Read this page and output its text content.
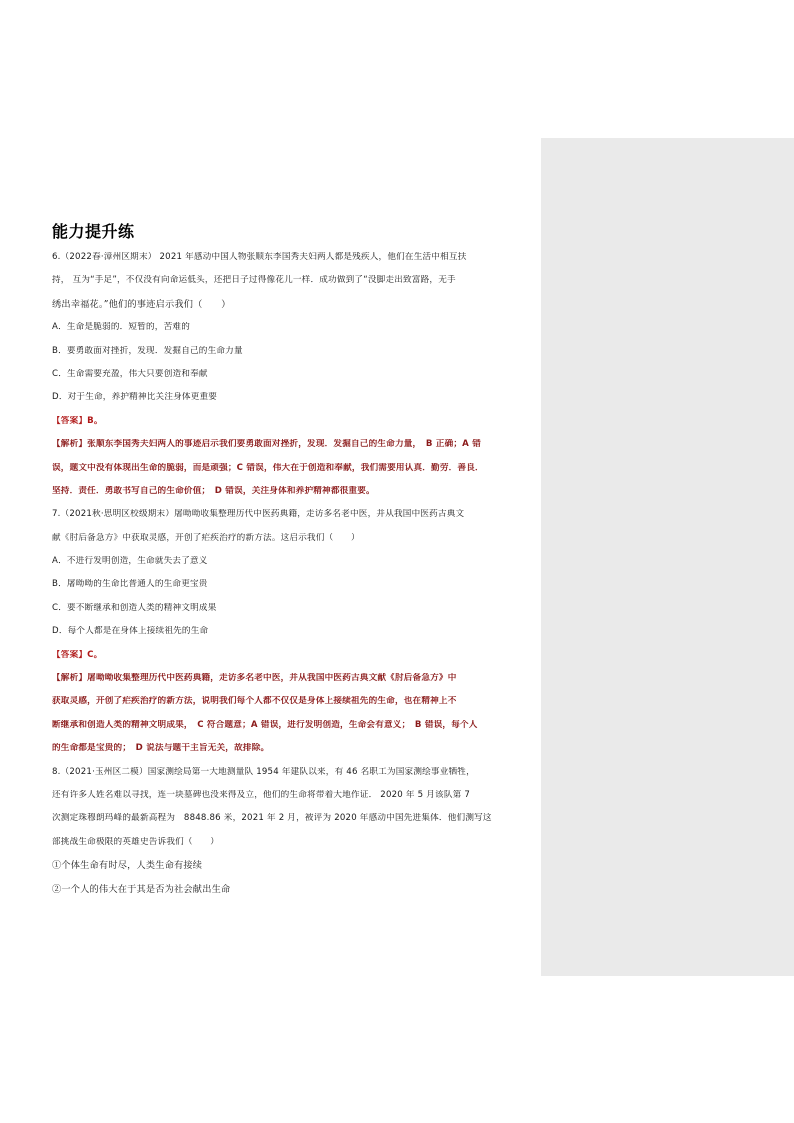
能力提升练
6.（2022春·漳州区期末） 2021 年感动中国人物张顺东李国秀夫妇两人都是残疾人，他们在生活中相互扶
持， 互为“手足”，不仅没有向命运低头，还把日子过得像花儿一样．成功做到了“没脚走出致富路，无手
绣出幸福花。”他们的事迹启示我们（　　）
A．生命是脆弱的．短暂的，苦难的
B．要勇敢面对挫折，发现．发掘自己的生命力量
C．生命需要充盈，伟大只要创造和奉献
D．对于生命，养护精神比关注身体更重要
【答案】B。
【解析】张顺东李国秀夫妇两人的事迹启示我们要勇敢面对挫折，发现．发掘自己的生命力量，　B 正确；A 错
误，题文中没有体现出生命的脆弱，而是顽强；C 错误，伟大在于创造和奉献，我们需要用认真．勤劳．善良．
坚持．责任．勇敢书写自己的生命价值；　D 错误，关注身体和养护精神都很重要。
7.（2021秋·思明区校级期末）屠呦呦收集整理历代中医药典籍，走访多名老中医，并从我国中医药古典文
献《肘后备急方》中获取灵感，开创了疟疾治疗的新方法。这启示我们（　　）
A．不进行发明创造，生命就失去了意义
B．屠呦呦的生命比普通人的生命更宝贵
C．要不断继承和创造人类的精神文明成果
D．每个人都是在身体上接续祖先的生命
【答案】C。
【解析】屠呦呦收集整理历代中医药典籍，走访多名老中医，并从我国中医药古典文献《肘后备急方》中
获取灵感，开创了疟疾治疗的新方法，说明我们每个人都不仅仅是身体上接续祖先的生命，也在精神上不
断继承和创造人类的精神文明成果，　C 符合题意；A 错误，进行发明创造，生命会有意义；　B 错误，每个人
的生命都是宝贵的；　D 说法与题干主旨无关，故排除。
8.（2021·玉州区二模）国家测绘局第一大地测量队 1954 年建队以来，有 46 名职工为国家测绘事业牺牲，
还有许多人姓名难以寻找，连一块墓碑也没来得及立，他们的生命将带着大地作证． 2020 年 5 月该队第 7
次测定珠穆朗玛峰的最新高程为　8848.86 米，2021 年 2 月，被评为 2020 年感动中国先进集体．他们测写这
部挑战生命极限的英雄史告诉我们（　　）
①个体生命有时尽，人类生命有接续
②一个人的伟大在于其是否为社会献出生命
